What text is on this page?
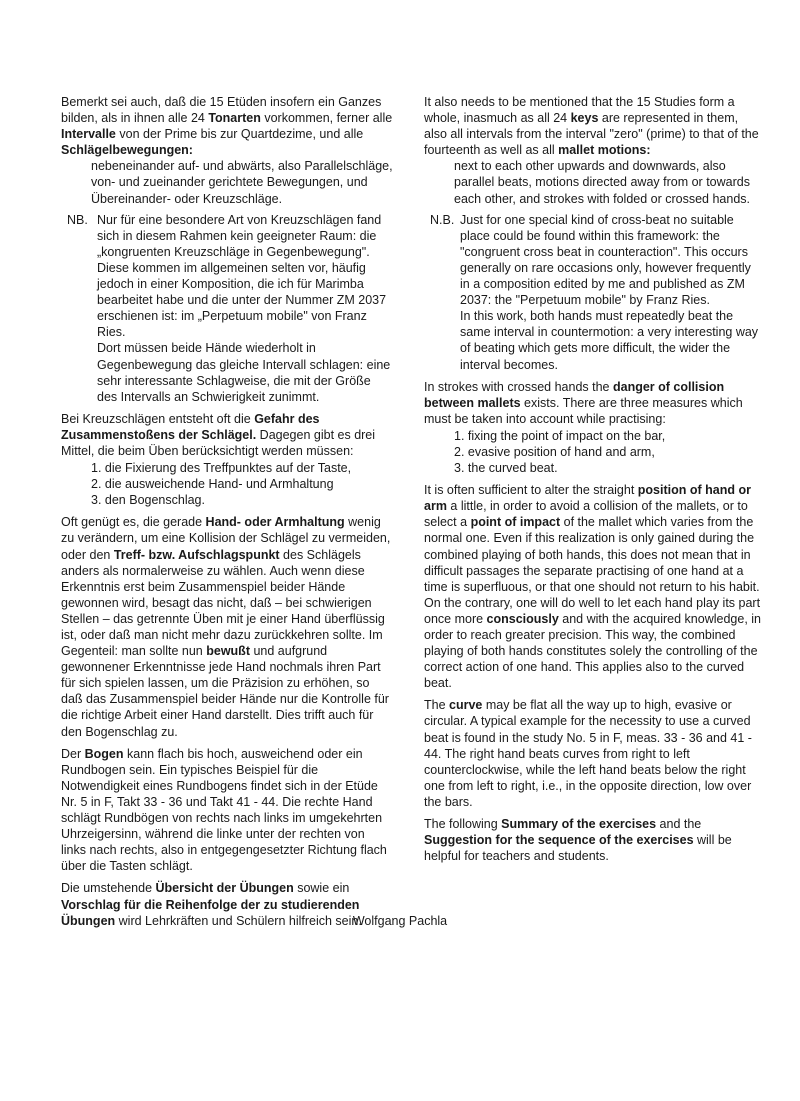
Bemerkt sei auch, daß die 15 Etüden insofern ein Ganzes bilden, als in ihnen alle 24 Tonarten vorkommen, ferner alle Intervalle von der Prime bis zur Quartdezime, und alle Schlägelbewegungen:

nebeneinander auf- und abwärts, also Parallelschläge, von- und zueinander gerichtete Bewegungen, und Übereinander- oder Kreuzschläge.

NB. Nur für eine besondere Art von Kreuzschlägen fand sich in diesem Rahmen kein geeigneter Raum: die „kongruenten Kreuzschläge in Gegenbewegung". Diese kommen im allgemeinen selten vor, häufig jedoch in einer Komposition, die ich für Marimba bearbeitet habe und die unter der Nummer ZM 2037 erschienen ist: im „Perpetuum mobile" von Franz Ries.

Dort müssen beide Hände wiederholt in Gegenbewegung das gleiche Intervall schlagen: eine sehr interessante Schlagweise, die mit der Größe des Intervalls an Schwierigkeit zunimmt.

Bei Kreuzschlägen entsteht oft die Gefahr des Zusammenstoßens der Schlägel. Dagegen gibt es drei Mittel, die beim Üben berücksichtigt werden müssen:

1. die Fixierung des Treffpunktes auf der Taste,
2. die ausweichende Hand- und Armhaltung
3. den Bogenschlag.

Oft genügt es, die gerade Hand- oder Armhaltung wenig zu verändern, um eine Kollision der Schlägel zu vermeiden, oder den Treff- bzw. Aufschlagspunkt des Schlägels anders als normalerweise zu wählen. Auch wenn diese Erkenntnis erst beim Zusammenspiel beider Hände gewonnen wird, besagt das nicht, daß – bei schwierigen Stellen – das getrennte Üben mit je einer Hand überflüssig ist, oder daß man nicht mehr dazu zurückkehren sollte. Im Gegenteil: man sollte nun bewußt und aufgrund gewonnener Erkenntnisse jede Hand nochmals ihren Part für sich spielen lassen, um die Präzision zu erhöhen, so daß das Zusammenspiel beider Hände nur die Kontrolle für die richtige Arbeit einer Hand darstellt. Dies trifft auch für den Bogenschlag zu.

Der Bogen kann flach bis hoch, ausweichend oder ein Rundbogen sein. Ein typisches Beispiel für die Notwendigkeit eines Rundbogens findet sich in der Etüde Nr. 5 in F, Takt 33 - 36 und Takt 41 - 44. Die rechte Hand schlägt Rundbögen von rechts nach links im umgekehrten Uhrzeigersinn, während die linke unter der rechten von links nach rechts, also in entgegengesetzter Richtung flach über die Tasten schlägt.

Die umstehende Übersicht der Übungen sowie ein Vorschlag für die Reihenfolge der zu studierenden Übungen wird Lehrkräften und Schülern hilfreich sein.

It also needs to be mentioned that the 15 Studies form a whole, inasmuch as all 24 keys are represented in them, also all intervals from the interval "zero" (prime) to that of the fourteenth as well as all mallet motions:

next to each other upwards and downwards, also parallel beats, motions directed away from or towards each other, and strokes with folded or crossed hands.

N.B. Just for one special kind of cross-beat no suitable place could be found within this framework: the "congruent cross beat in counteraction". This occurs generally on rare occasions only, however frequently in a composition edited by me and published as ZM 2037: the "Perpetuum mobile" by Franz Ries.

In this work, both hands must repeatedly beat the same interval in countermotion: a very interesting way of beating which gets more difficult, the wider the interval becomes.

In strokes with crossed hands the danger of collision between mallets exists. There are three measures which must be taken into account while practising:

1. fixing the point of impact on the bar,
2. evasive position of hand and arm,
3. the curved beat.

It is often sufficient to alter the straight position of hand or arm a little, in order to avoid a collision of the mallets, or to select a point of impact of the mallet which varies from the normal one. Even if this realization is only gained during the combined playing of both hands, this does not mean that in difficult passages the separate practising of one hand at a time is superfluous, or that one should not return to his habit. On the contrary, one will do well to let each hand play its part once more consciously and with the acquired knowledge, in order to reach greater precision. This way, the combined playing of both hands constitutes solely the controlling of the correct action of one hand. This applies also to the curved beat.

The curve may be flat all the way up to high, evasive or circular. A typical example for the necessity to use a curved beat is found in the study No. 5 in F, meas. 33 - 36 and 41 - 44. The right hand beats curves from right to left counterclockwise, while the left hand beats below the right one from left to right, i.e., in the opposite direction, low over the bars.

The following Summary of the exercises and the Suggestion for the sequence of the exercises will be helpful for teachers and students.

Wolfgang Pachla
